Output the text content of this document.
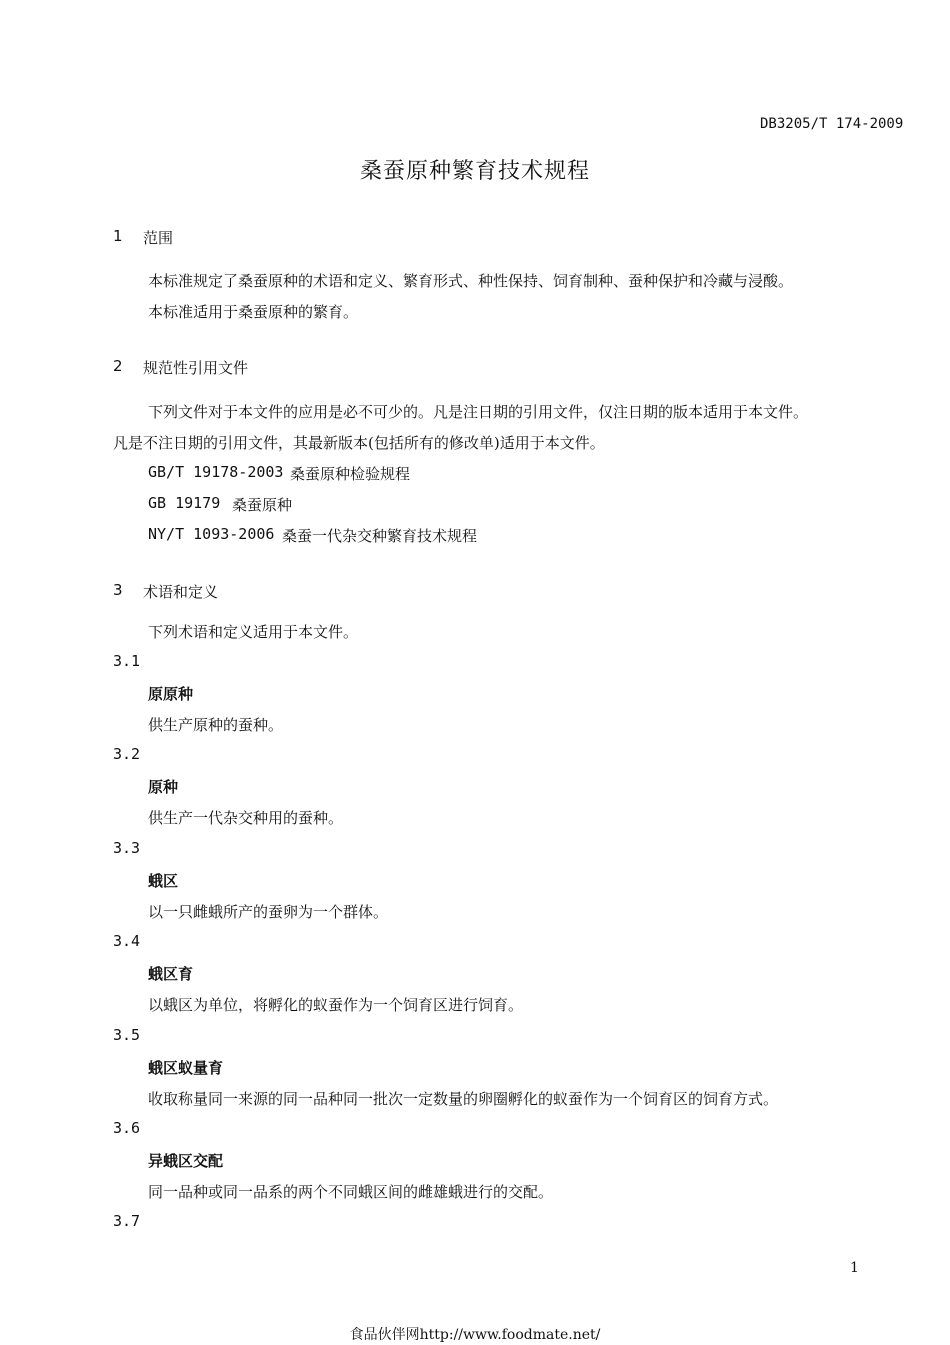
DB3205/T 174-2009
桑蚕原种繁育技术规程
1 范围
本标准规定了桑蚕原种的术语和定义、繁育形式、种性保持、饲育制种、蚕种保护和冷藏与浸酸。
本标准适用于桑蚕原种的繁育。
2 规范性引用文件
下列文件对于本文件的应用是必不可少的。凡是注日期的引用文件，仅注日期的版本适用于本文件。
凡是不注日期的引用文件，其最新版本(包括所有的修改单)适用于本文件。
GB/T 19178-2003 桑蚕原种检验规程
GB 19179 桑蚕原种
NY/T 1093-2006 桑蚕一代杂交种繁育技术规程
3 术语和定义
下列术语和定义适用于本文件。
3.1
原原种
供生产原种的蚕种。
3.2
原种
供生产一代杂交种用的蚕种。
3.3
蛾区
以一只雌蛾所产的蚕卵为一个群体。
3.4
蛾区育
以蛾区为单位，将孵化的蚁蚕作为一个饲育区进行饲育。
3.5
蛾区蚁量育
收取称量同一来源的同一品种同一批次一定数量的卵圈孵化的蚁蚕作为一个饲育区的饲育方式。
3.6
异蛾区交配
同一品种或同一品系的两个不同蛾区间的雌雄蛾进行的交配。
3.7
1
食品伙伴网http://www.foodmate.net/
